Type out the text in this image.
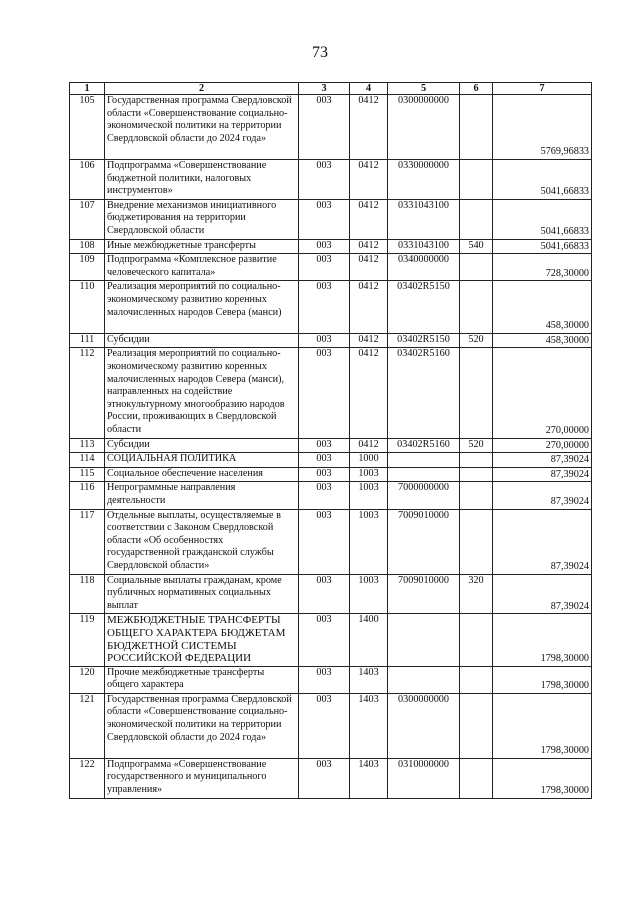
73
1	2	3	4	5	6	7
105	Государственная программа Свердловской области «Совершенствование социально-экономической политики на территории Свердловской области до 2024 года»	003	0412	0300000000		5769,96833
106	Подпрограмма «Совершенствование бюджетной политики, налоговых инструментов»	003	0412	0330000000		5041,66833
107	Внедрение механизмов инициативного бюджетирования на территории Свердловской области	003	0412	0331043100		5041,66833
108	Иные межбюджетные трансферты	003	0412	0331043100	540	5041,66833
109	Подпрограмма «Комплексное развитие человеческого капитала»	003	0412	0340000000		728,30000
110	Реализация мероприятий по социально-экономическому развитию коренных малочисленных народов Севера (манси)	003	0412	03402R5150		458,30000
111	Субсидии	003	0412	03402R5150	520	458,30000
112	Реализация мероприятий по социально-экономическому развитию коренных малочисленных народов Севера (манси), направленных на содействие этнокультурному многообразию народов России, проживающих в Свердловской области	003	0412	03402R5160		270,00000
113	Субсидии	003	0412	03402R5160	520	270,00000
114	СОЦИАЛЬНАЯ ПОЛИТИКА	003	1000			87,39024
115	Социальное обеспечение населения	003	1003			87,39024
116	Непрограммные направления деятельности	003	1003	7000000000		87,39024
117	Отдельные выплаты, осуществляемые в соответствии с Законом Свердловской области «Об особенностях государственной гражданской службы Свердловской области»	003	1003	7009010000		87,39024
118	Социальные выплаты гражданам, кроме публичных нормативных социальных выплат	003	1003	7009010000	320	87,39024
119	МЕЖБЮДЖЕТНЫЕ ТРАНСФЕРТЫ ОБЩЕГО ХАРАКТЕРА БЮДЖЕТАМ БЮДЖЕТНОЙ СИСТЕМЫ РОССИЙСКОЙ ФЕДЕРАЦИИ	003	1400			1798,30000
120	Прочие межбюджетные трансферты общего характера	003	1403			1798,30000
121	Государственная программа Свердловской области «Совершенствование социально-экономической политики на территории Свердловской области до 2024 года»	003	1403	0300000000		1798,30000
122	Подпрограмма «Совершенствование государственного и муниципального управления»	003	1403	0310000000		1798,30000
